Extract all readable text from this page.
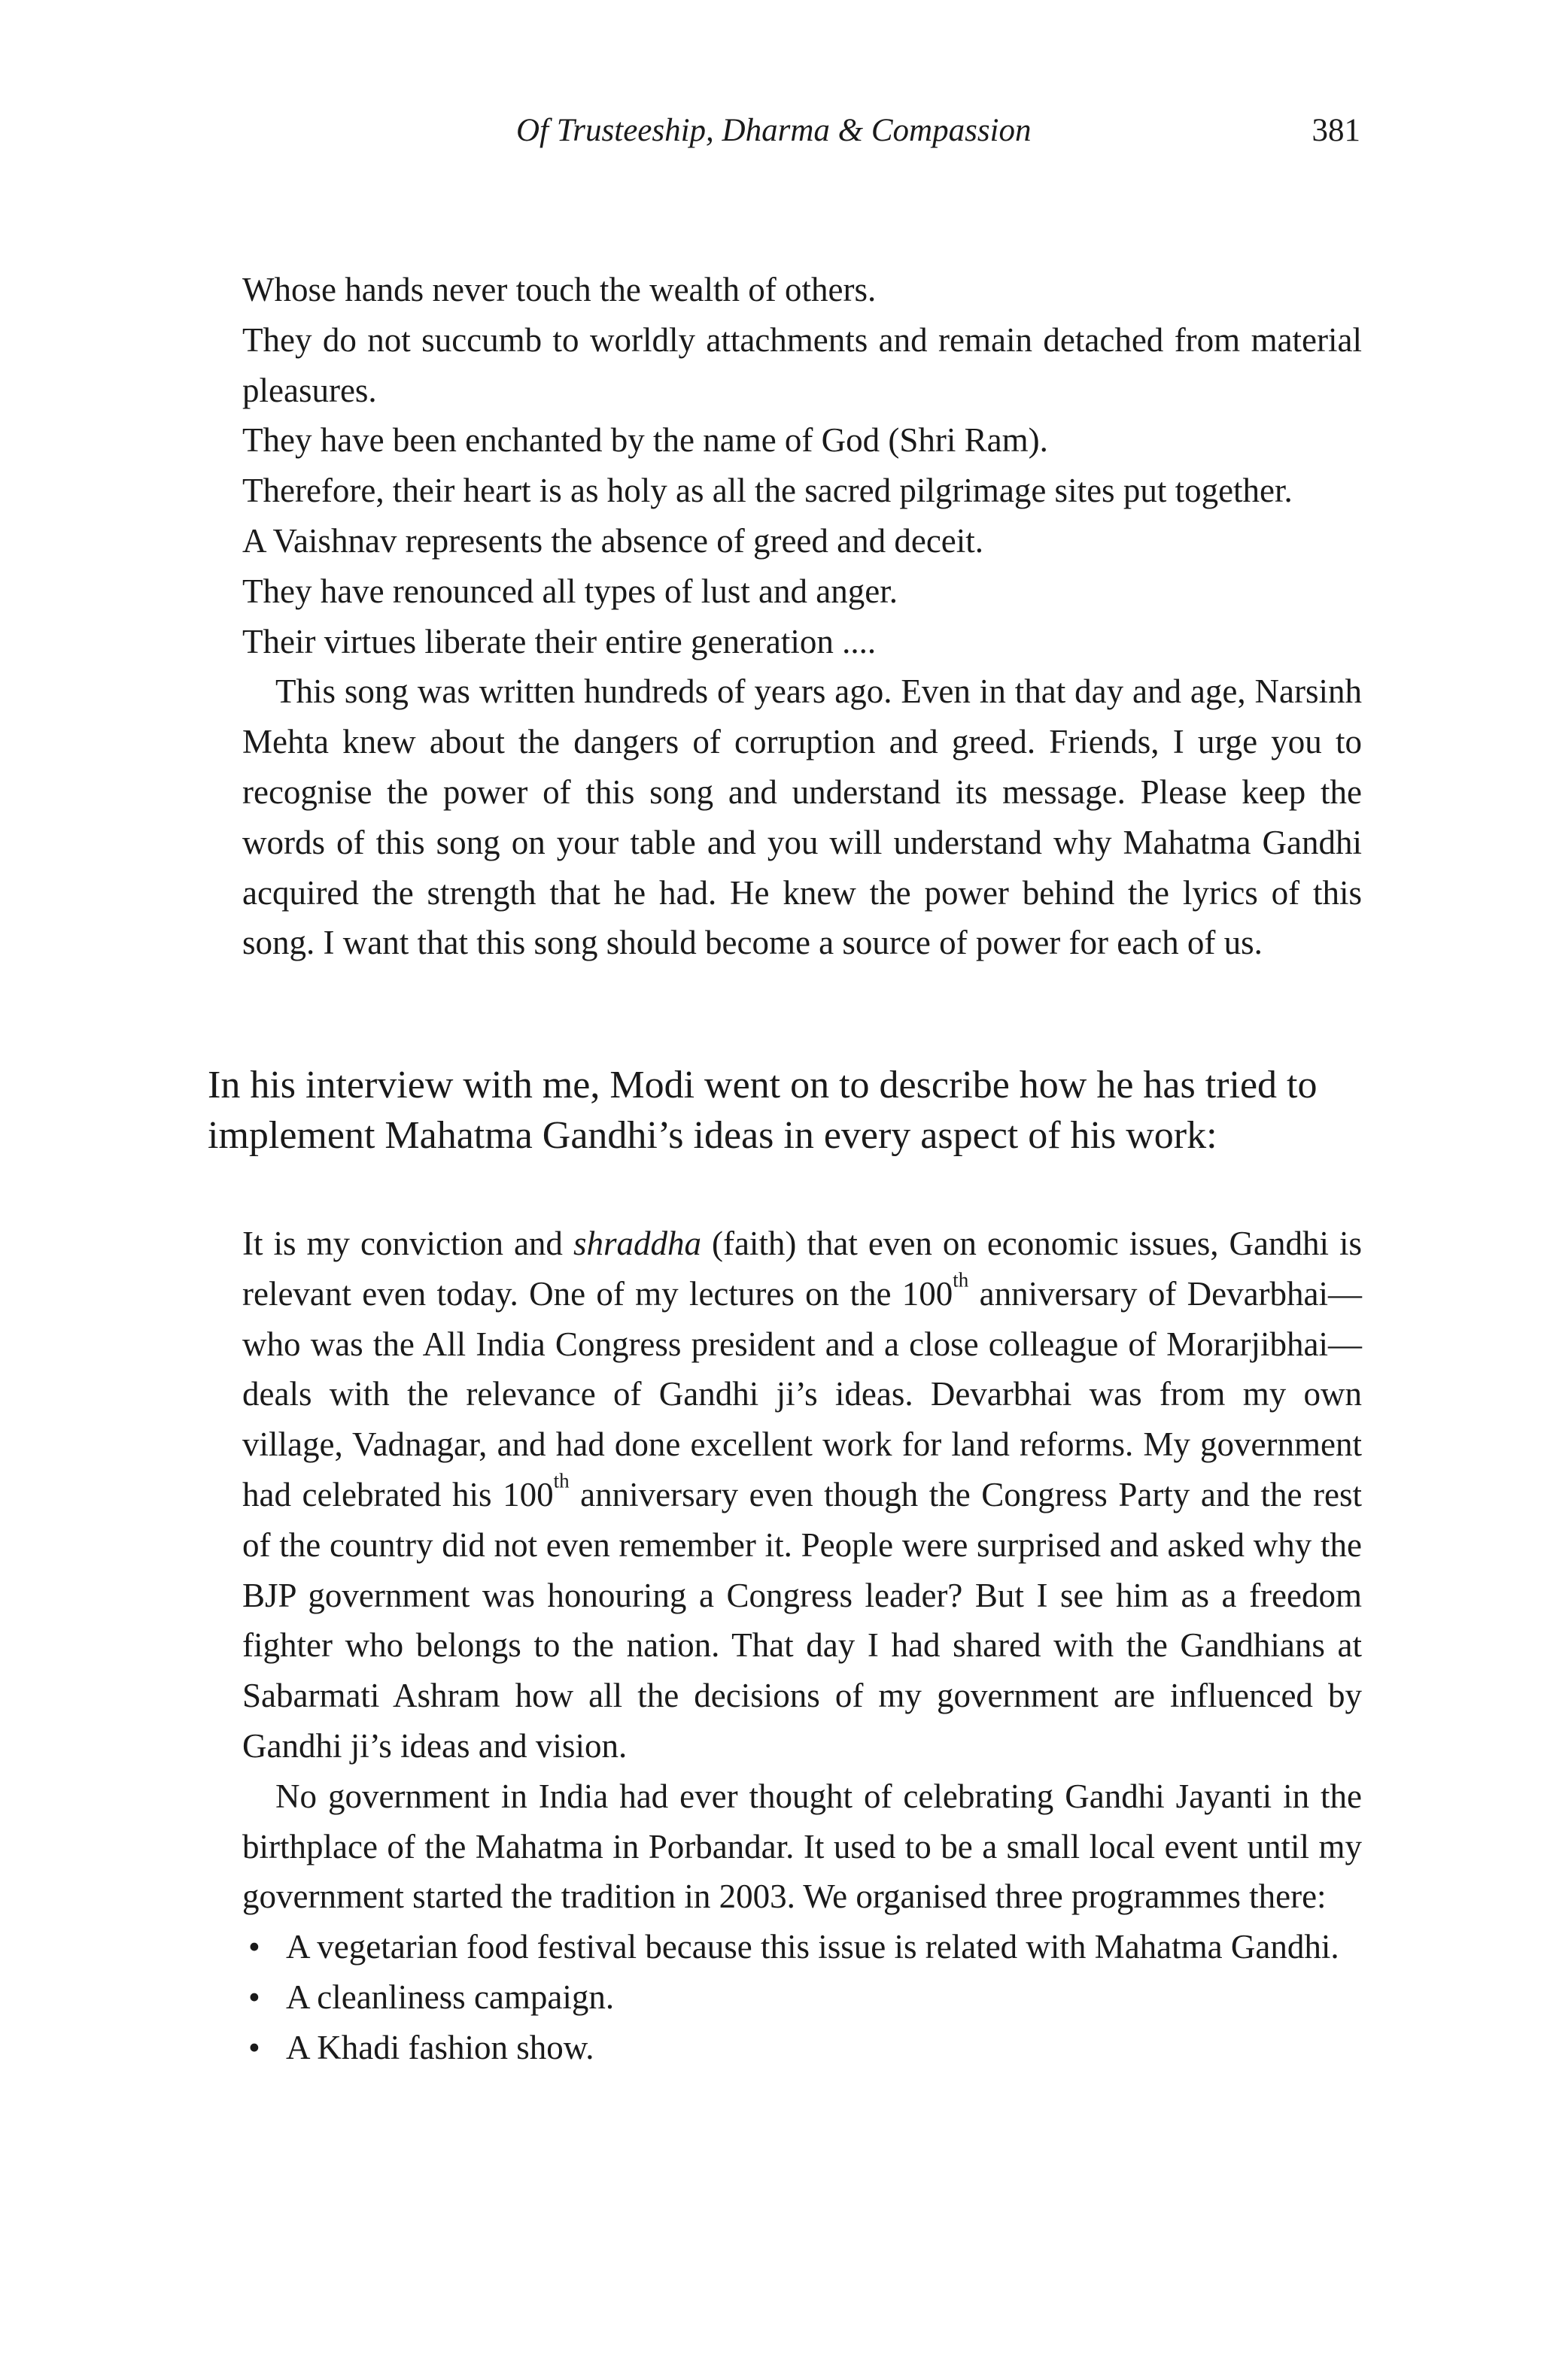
Of Trusteeship, Dharma & Compassion	381

Whose hands never touch the wealth of others.

They do not succumb to worldly attachments and remain detached from material pleasures.

They have been enchanted by the name of God (Shri Ram).

Therefore, their heart is as holy as all the sacred pilgrimage sites put together.

A Vaishnav represents the absence of greed and deceit.

They have renounced all types of lust and anger.

Their virtues liberate their entire generation ....

This song was written hundreds of years ago. Even in that day and age, Narsinh Mehta knew about the dangers of corruption and greed. Friends, I urge you to recognise the power of this song and understand its message. Please keep the words of this song on your table and you will understand why Mahatma Gandhi acquired the strength that he had. He knew the power behind the lyrics of this song. I want that this song should become a source of power for each of us.

In his interview with me, Modi went on to describe how he has tried to implement Mahatma Gandhi’s ideas in every aspect of his work:

It is my conviction and shraddha (faith) that even on economic issues, Gandhi is relevant even today. One of my lectures on the 100th anniversary of Devarbhai—who was the All India Congress president and a close colleague of Morarjibhai—deals with the relevance of Gandhi ji’s ideas. Devarbhai was from my own village, Vadnagar, and had done excellent work for land reforms. My government had celebrated his 100th anniversary even though the Congress Party and the rest of the country did not even remember it. People were surprised and asked why the BJP government was honouring a Congress leader? But I see him as a freedom fighter who belongs to the nation. That day I had shared with the Gandhians at Sabarmati Ashram how all the decisions of my government are influenced by Gandhi ji’s ideas and vision.

No government in India had ever thought of celebrating Gandhi Jayanti in the birthplace of the Mahatma in Porbandar. It used to be a small local event until my government started the tradition in 2003. We organised three programmes there:

• A vegetarian food festival because this issue is related with Mahatma Gandhi.
• A cleanliness campaign.
• A Khadi fashion show.
